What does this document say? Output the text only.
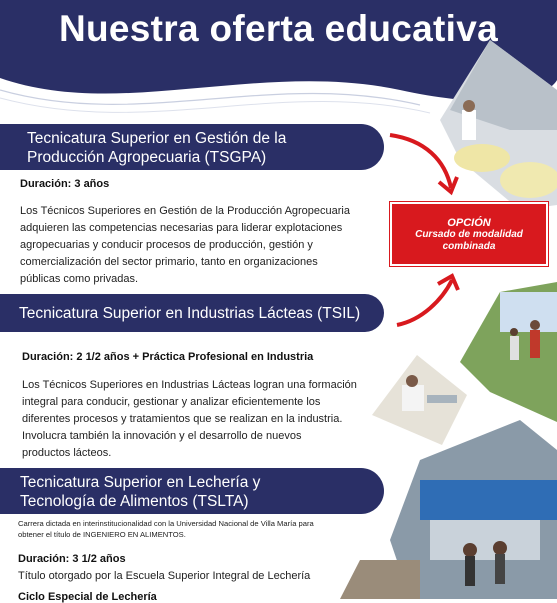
Nuestra oferta educativa
OPCIÓN
Cursado de modalidad
combinada
Tecnicatura Superior en Gestión de la
Producción Agropecuaria (TSGPA)
Duración: 3 años
Los Técnicos Superiores en Gestión de la Producción Agropecuaria
adquieren las competencias necesarias para liderar explotaciones
agropecuarias y conducir procesos de producción, gestión y
comercialización del sector primario, tanto en organizaciones
públicas como privadas.
Tecnicatura Superior en Industrias Lácteas (TSIL)
Duración: 2 1/2 años + Práctica Profesional en Industria
Los Técnicos Superiores en Industrias Lácteas logran una formación
integral para conducir, gestionar y analizar eficientemente los
diferentes procesos y tratamientos que se realizan en la industria.
Involucra también la innovación y el desarrollo de nuevos
productos lácteos.
Tecnicatura Superior en Lechería y
Tecnología de Alimentos (TSLTA)
Carrera dictada en interinstitucionalidad con la Universidad Nacional de Villa María para
obtener el título de INGENIERO EN ALIMENTOS.
Duración: 3 1/2 años
Título otorgado por la Escuela Superior Integral de Lechería
Ciclo Especial de Lechería
